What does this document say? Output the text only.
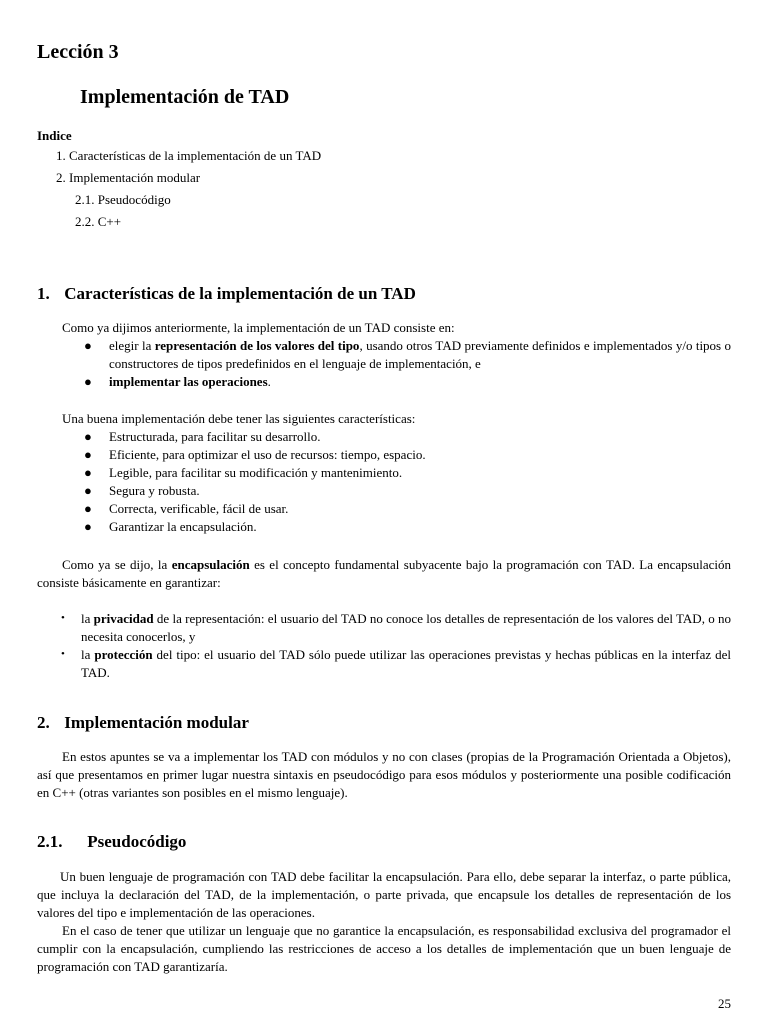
Lección 3
Implementación de TAD
Indice
1. Características de la implementación de un TAD
2. Implementación modular
2.1. Pseudocódigo
2.2. C++
1. Características de la implementación de un TAD

Como ya dijimos anteriormente, la implementación de un TAD consiste en:

● elegir la representación de los valores del tipo, usando otros TAD previamente definidos e implementados y/o tipos o constructores de tipos predefinidos en el lenguaje de implementación, e
● implementar las operaciones.

Una buena implementación debe tener las siguientes características:

● Estructurada, para facilitar su desarrollo.
● Eficiente, para optimizar el uso de recursos: tiempo, espacio.
● Legible, para facilitar su modificación y mantenimiento.
● Segura y robusta.
● Correcta, verificable, fácil de usar.
● Garantizar la encapsulación.

Como ya se dijo, la encapsulación es el concepto fundamental subyacente bajo la programación con TAD. La encapsulación consiste básicamente en garantizar:

• la privacidad de la representación: el usuario del TAD no conoce los detalles de representación de los valores del TAD, o no necesita conocerlos, y
• la protección del tipo: el usuario del TAD sólo puede utilizar las operaciones previstas y hechas públicas en la interfaz del TAD.
2. Implementación modular

En estos apuntes se va a implementar los TAD con módulos y no con clases (propias de la Programación Orientada a Objetos), así que presentamos en primer lugar nuestra sintaxis en pseudocódigo para esos módulos y posteriormente una posible codificación en C++ (otras variantes son posibles en el mismo lenguaje).

2.1. Pseudocódigo

Un buen lenguaje de programación con TAD debe facilitar la encapsulación. Para ello, debe separar la interfaz, o parte pública, que incluya la declaración del TAD, de la implementación, o parte privada, que encapsule los detalles de representación de los valores del tipo e implementación de las operaciones.

En el caso de tener que utilizar un lenguaje que no garantice la encapsulación, es responsabilidad exclusiva del programador el cumplir con la encapsulación, cumpliendo las restricciones de acceso a los detalles de implementación que un buen lenguaje de programación con TAD garantizaría.

25
